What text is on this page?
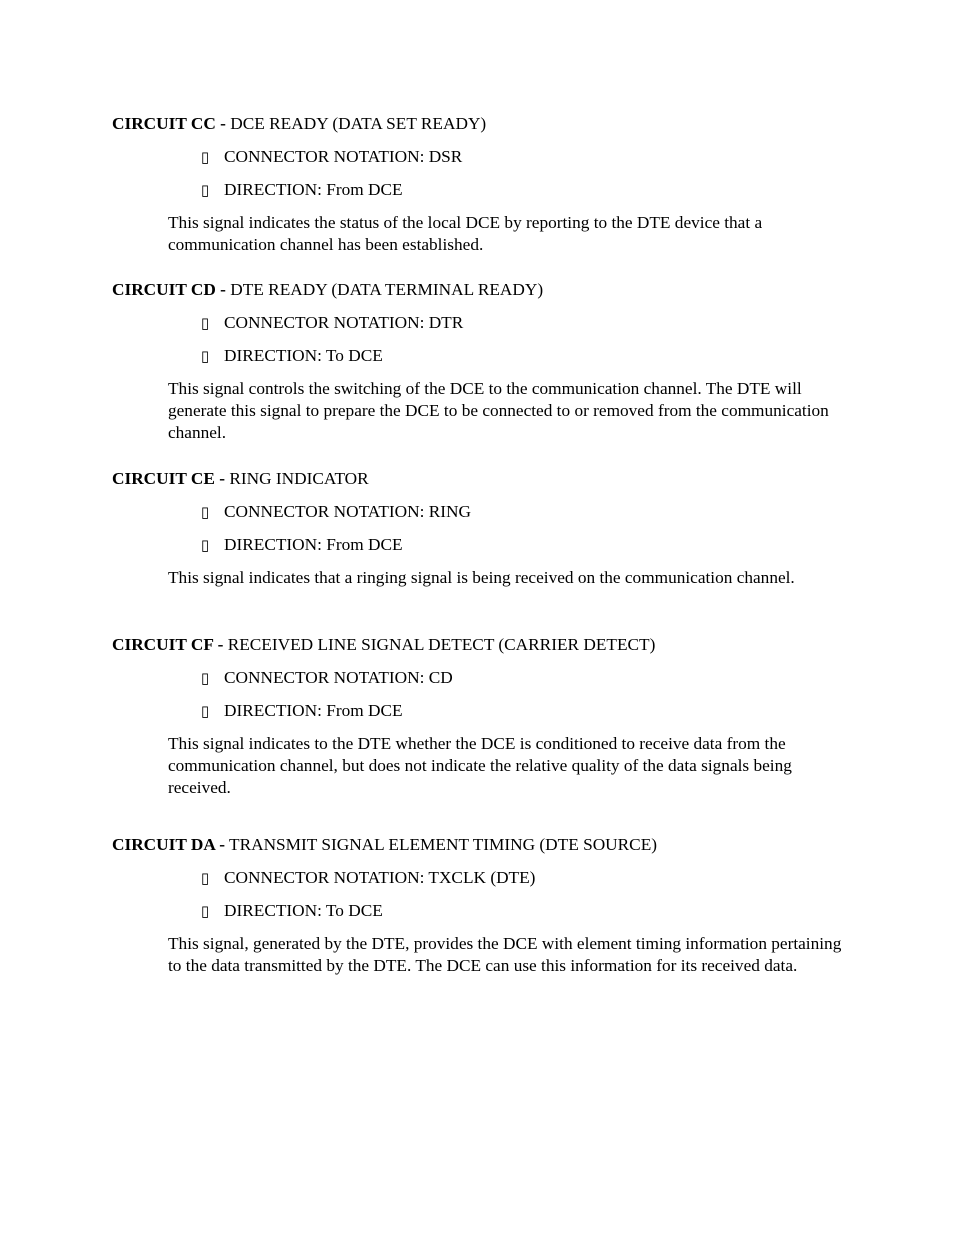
CIRCUIT CC - DCE READY (DATA SET READY)

▯ CONNECTOR NOTATION: DSR
▯ DIRECTION: From DCE

This signal indicates the status of the local DCE by reporting to the DTE device that a communication channel has been established.

CIRCUIT CD - DTE READY (DATA TERMINAL READY)

▯ CONNECTOR NOTATION: DTR
▯ DIRECTION: To DCE

This signal controls the switching of the DCE to the communication channel. The DTE will generate this signal to prepare the DCE to be connected to or removed from the communication channel.

CIRCUIT CE - RING INDICATOR

▯ CONNECTOR NOTATION: RING
▯ DIRECTION: From DCE

This signal indicates that a ringing signal is being received on the communication channel.

CIRCUIT CF - RECEIVED LINE SIGNAL DETECT (CARRIER DETECT)

▯ CONNECTOR NOTATION: CD
▯ DIRECTION: From DCE

This signal indicates to the DTE whether the DCE is conditioned to receive data from the communication channel, but does not indicate the relative quality of the data signals being received.

CIRCUIT DA - TRANSMIT SIGNAL ELEMENT TIMING (DTE SOURCE)

▯ CONNECTOR NOTATION: TXCLK (DTE)
▯ DIRECTION: To DCE

This signal, generated by the DTE, provides the DCE with element timing information pertaining to the data transmitted by the DTE. The DCE can use this information for its received data.
